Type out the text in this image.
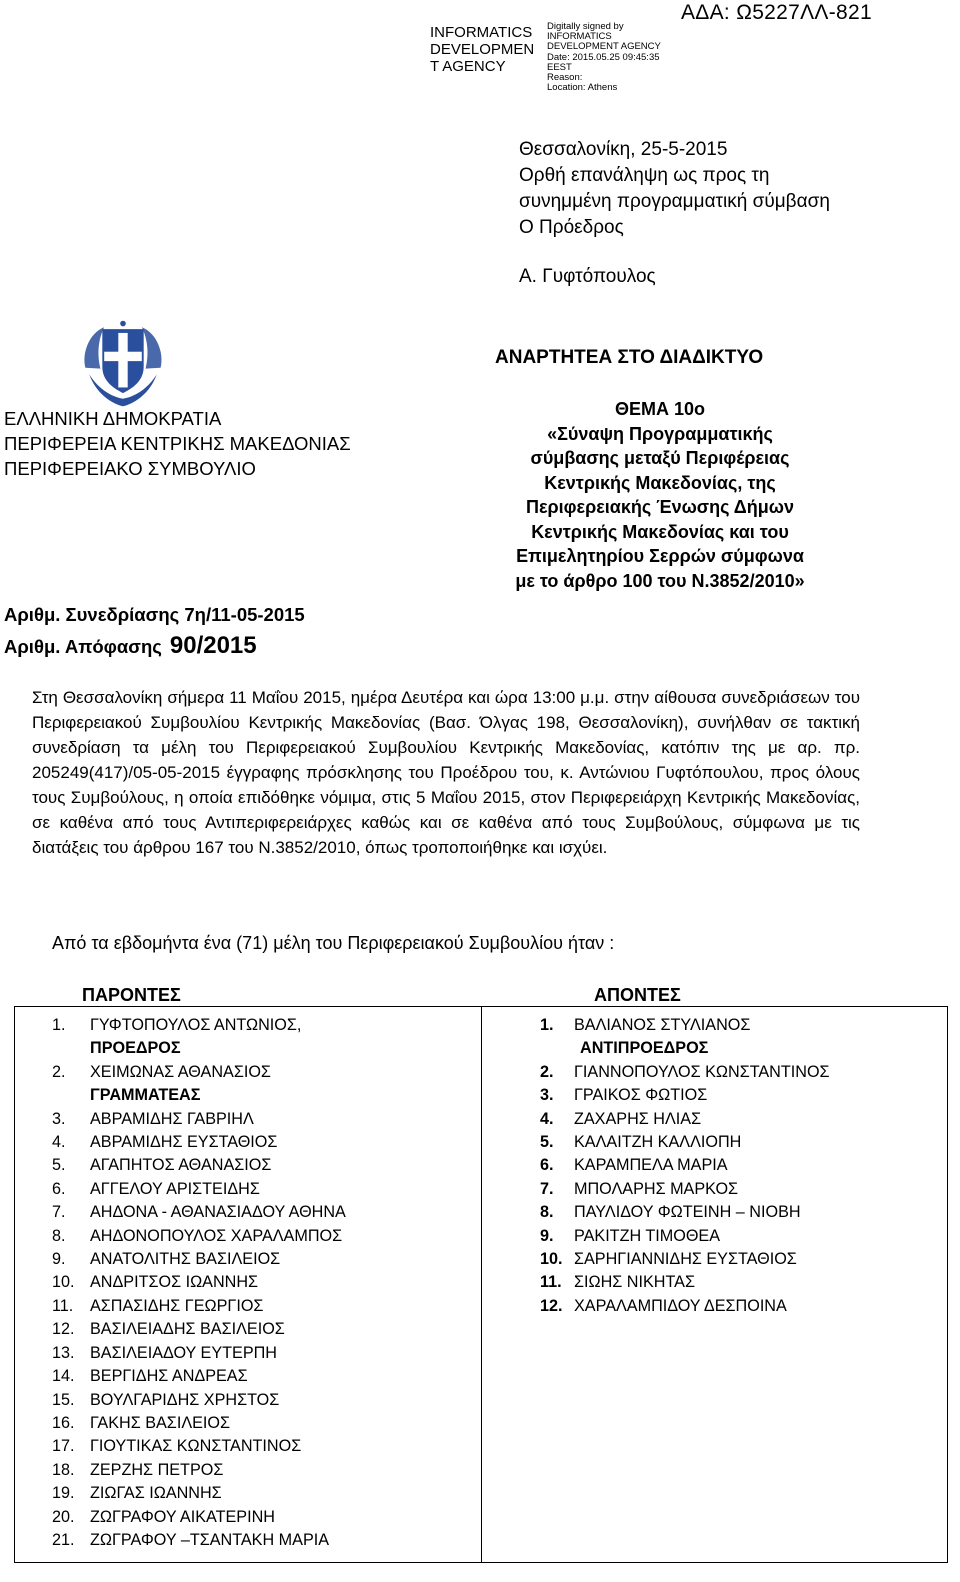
INFORMATICS DEVELOPMEN T AGENCY
Digitally signed by
INFORMATICS
DEVELOPMENT AGENCY
Date: 2015.05.25 09:45:35
EEST
Reason:
Location: Athens
ΑΔΑ: Ω5227ΛΛ-821
Θεσσαλονίκη, 25-5-2015
Ορθή επανάληψη ως προς τη
συνημμένη προγραμματική σύμβαση
Ο Πρόεδρος
Α. Γυφτόπουλος
ΕΛΛΗΝΙΚΗ ΔΗΜΟΚΡΑΤΙΑ
ΠΕΡΙΦΕΡΕΙΑ ΚΕΝΤΡΙΚΗΣ ΜΑΚΕΔΟΝΙΑΣ
ΠΕΡΙΦΕΡΕΙΑΚΟ ΣΥΜΒΟΥΛΙΟ
Αριθμ. Συνεδρίασης 7η/11-05-2015
Αριθμ. Απόφασης 90/2015
ΑΝΑΡΤΗΤΕΑ ΣΤΟ ΔΙΑΔΙΚΤΥΟ
ΘΕΜΑ 10ο
«Σύναψη Προγραμματικής
σύμβασης μεταξύ Περιφέρειας
Κεντρικής Μακεδονίας, της
Περιφερειακής Ένωσης Δήμων
Κεντρικής Μακεδονίας και του
Επιμελητηρίου Σερρών σύμφωνα
με το άρθρο 100 του Ν.3852/2010»

Στη Θεσσαλονίκη σήμερα 11 Μαΐου 2015, ημέρα Δευτέρα και ώρα 13:00 μ.μ. στην αίθουσα συνεδριάσεων του Περιφερειακού Συμβουλίου Κεντρικής Μακεδονίας (Βασ. Όλγας 198, Θεσσαλονίκη), συνήλθαν σε τακτική συνεδρίαση τα μέλη του Περιφερειακού Συμβουλίου Κεντρικής Μακεδονίας, κατόπιν της με αρ. πρ. 205249(417)/05-05-2015 έγγραφης πρόσκλησης του Προέδρου του, κ. Αντώνιου Γυφτόπουλου, προς όλους τους Συμβούλους, η οποία επιδόθηκε νόμιμα, στις 5 Μαΐου 2015, στον Περιφερειάρχη Κεντρικής Μακεδονίας, σε καθένα από τους Αντιπεριφερειάρχες καθώς και σε καθένα από τους Συμβούλους, σύμφωνα με τις διατάξεις του άρθρου 167 του Ν.3852/2010, όπως τροποποιήθηκε και ισχύει.

Από τα εβδομήντα ένα (71) μέλη του Περιφερειακού Συμβουλίου ήταν :
ΠΑΡΟΝΤΕΣ	ΑΠΟΝΤΕΣ
1.	ΓΥΦΤΟΠΟΥΛΟΣ ΑΝΤΩΝΙΟΣ,
ΠΡΟΕΔΡΟΣ
2.	ΧΕΙΜΩΝΑΣ ΑΘΑΝΑΣΙΟΣ
ΓΡΑΜΜΑΤΕΑΣ
3.	ΑΒΡΑΜΙΔΗΣ ΓΑΒΡΙΗΛ
4.	ΑΒΡΑΜΙΔΗΣ ΕΥΣΤΑΘΙΟΣ
5.	ΑΓΑΠΗΤΟΣ ΑΘΑΝΑΣΙΟΣ
6.	ΑΓΓΕΛΟΥ ΑΡΙΣΤΕΙΔΗΣ
7.	ΑΗΔΟΝΑ - ΑΘΑΝΑΣΙΑΔΟΥ ΑΘΗΝΑ
8.	ΑΗΔΟΝΟΠΟΥΛΟΣ ΧΑΡΑΛΑΜΠΟΣ
9.	ΑΝΑΤΟΛΙΤΗΣ ΒΑΣΙΛΕΙΟΣ
10. ΑΝΔΡΙΤΣΟΣ ΙΩΑΝΝΗΣ
11.	ΑΣΠΑΣΙΔΗΣ ΓΕΩΡΓΙΟΣ
12. ΒΑΣΙΛΕΙΑΔΗΣ ΒΑΣΙΛΕΙΟΣ
13. ΒΑΣΙΛΕΙΑΔΟΥ ΕΥΤΕΡΠΗ
14. ΒΕΡΓΙΔΗΣ ΑΝΔΡΕΑΣ
15. ΒΟΥΛΓΑΡΙΔΗΣ ΧΡΗΣΤΟΣ
16. ΓΑΚΗΣ ΒΑΣΙΛΕΙΟΣ
17. ΓΙΟΥΤΙΚΑΣ ΚΩΝΣΤΑΝΤΙΝΟΣ
18. ΖΕΡΖΗΣ ΠΕΤΡΟΣ
19. ΖΙΩΓΑΣ ΙΩΑΝΝΗΣ
20. ΖΩΓΡΑΦΟΥ ΑΙΚΑΤΕΡΙΝΗ
21. ΖΩΓΡΑΦΟΥ –ΤΣΑΝΤΑΚΗ ΜΑΡΙΑ
1.	ΒΑΛΙΑΝΟΣ ΣΤΥΛΙΑΝΟΣ
ΑΝΤΙΠΡΟΕΔΡΟΣ
2.	ΓΙΑΝΝΟΠΟΥΛΟΣ ΚΩΝΣΤΑΝΤΙΝΟΣ
3.	ΓΡΑΙΚΟΣ ΦΩΤΙΟΣ
4.	ΖΑΧΑΡΗΣ ΗΛΙΑΣ
5.	ΚΑΛΑΙΤΖΗ ΚΑΛΛΙΟΠΗ
6.	ΚΑΡΑΜΠΕΛΑ ΜΑΡΙΑ
7.	ΜΠΟΛΑΡΗΣ ΜΑΡΚΟΣ
8.	ΠΑΥΛΙΔΟΥ ΦΩΤΕΙΝΗ – ΝΙΟΒΗ
9.	ΡΑΚΙΤΖΗ ΤΙΜΟΘΕΑ
10. ΣΑΡΗΓΙΑΝΝΙΔΗΣ ΕΥΣΤΑΘΙΟΣ
11. ΣΙΩΗΣ ΝΙΚΗΤΑΣ
12. ΧΑΡΑΛΑΜΠΙΔΟΥ ΔΕΣΠΟΙΝΑ
